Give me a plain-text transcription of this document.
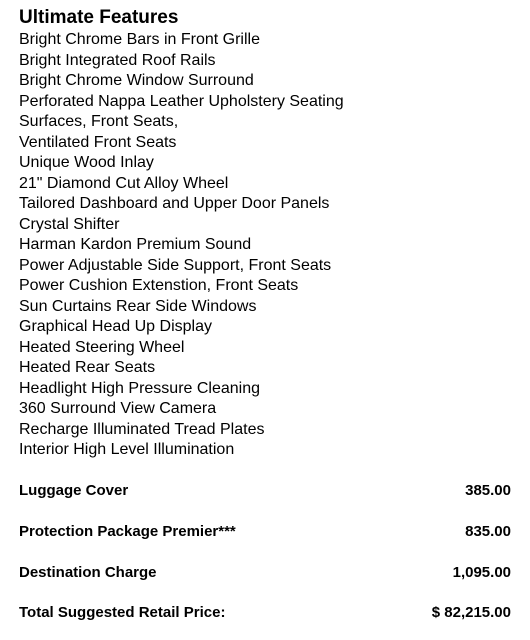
Ultimate Features
Bright Chrome Bars in Front Grille
Bright Integrated Roof Rails
Bright Chrome Window Surround
Perforated Nappa Leather Upholstery Seating
Surfaces, Front Seats,
Ventilated Front Seats
Unique Wood Inlay
21" Diamond Cut Alloy Wheel
Tailored Dashboard and Upper Door Panels
Crystal Shifter
Harman Kardon Premium Sound
Power Adjustable Side Support, Front Seats
Power Cushion Extenstion, Front Seats
Sun Curtains Rear Side Windows
Graphical Head Up Display
Heated Steering Wheel
Heated Rear Seats
Headlight High Pressure Cleaning
360 Surround View Camera
Recharge Illuminated Tread Plates
Interior High Level Illumination
Luggage Cover	385.00
Protection Package Premier***	835.00
Destination Charge	1,095.00
Total Suggested Retail Price:	$ 82,215.00
